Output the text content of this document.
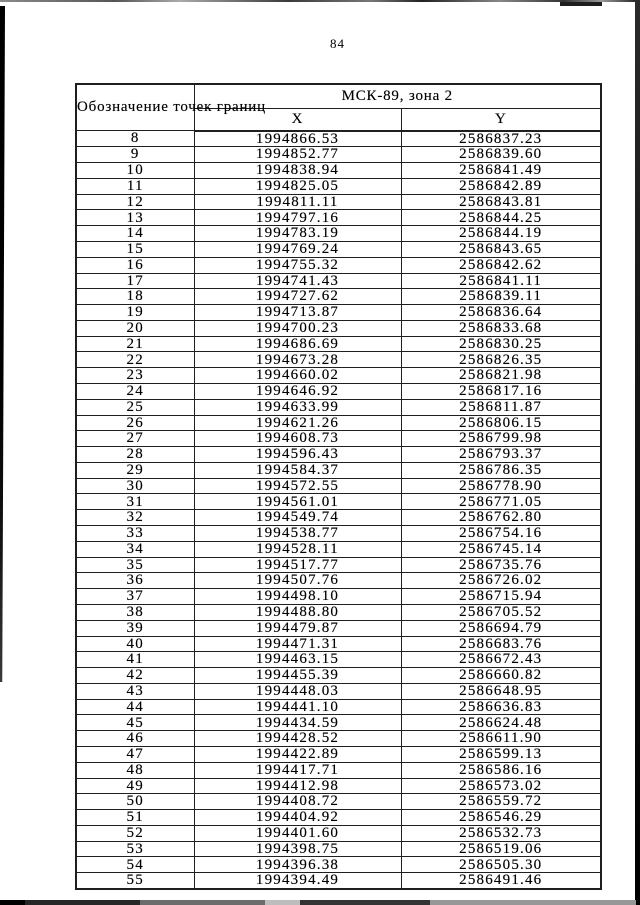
84
Обозначение точек границ	МСК-89, зона 2	
	X	Y
8	1994866.53	2586837.23
9	1994852.77	2586839.60
10	1994838.94	2586841.49
11	1994825.05	2586842.89
12	1994811.11	2586843.81
13	1994797.16	2586844.25
14	1994783.19	2586844.19
15	1994769.24	2586843.65
16	1994755.32	2586842.62
17	1994741.43	2586841.11
18	1994727.62	2586839.11
19	1994713.87	2586836.64
20	1994700.23	2586833.68
21	1994686.69	2586830.25
22	1994673.28	2586826.35
23	1994660.02	2586821.98
24	1994646.92	2586817.16
25	1994633.99	2586811.87
26	1994621.26	2586806.15
27	1994608.73	2586799.98
28	1994596.43	2586793.37
29	1994584.37	2586786.35
30	1994572.55	2586778.90
31	1994561.01	2586771.05
32	1994549.74	2586762.80
33	1994538.77	2586754.16
34	1994528.11	2586745.14
35	1994517.77	2586735.76
36	1994507.76	2586726.02
37	1994498.10	2586715.94
38	1994488.80	2586705.52
39	1994479.87	2586694.79
40	1994471.31	2586683.76
41	1994463.15	2586672.43
42	1994455.39	2586660.82
43	1994448.03	2586648.95
44	1994441.10	2586636.83
45	1994434.59	2586624.48
46	1994428.52	2586611.90
47	1994422.89	2586599.13
48	1994417.71	2586586.16
49	1994412.98	2586573.02
50	1994408.72	2586559.72
51	1994404.92	2586546.29
52	1994401.60	2586532.73
53	1994398.75	2586519.06
54	1994396.38	2586505.30
55	1994394.49	2586491.46
